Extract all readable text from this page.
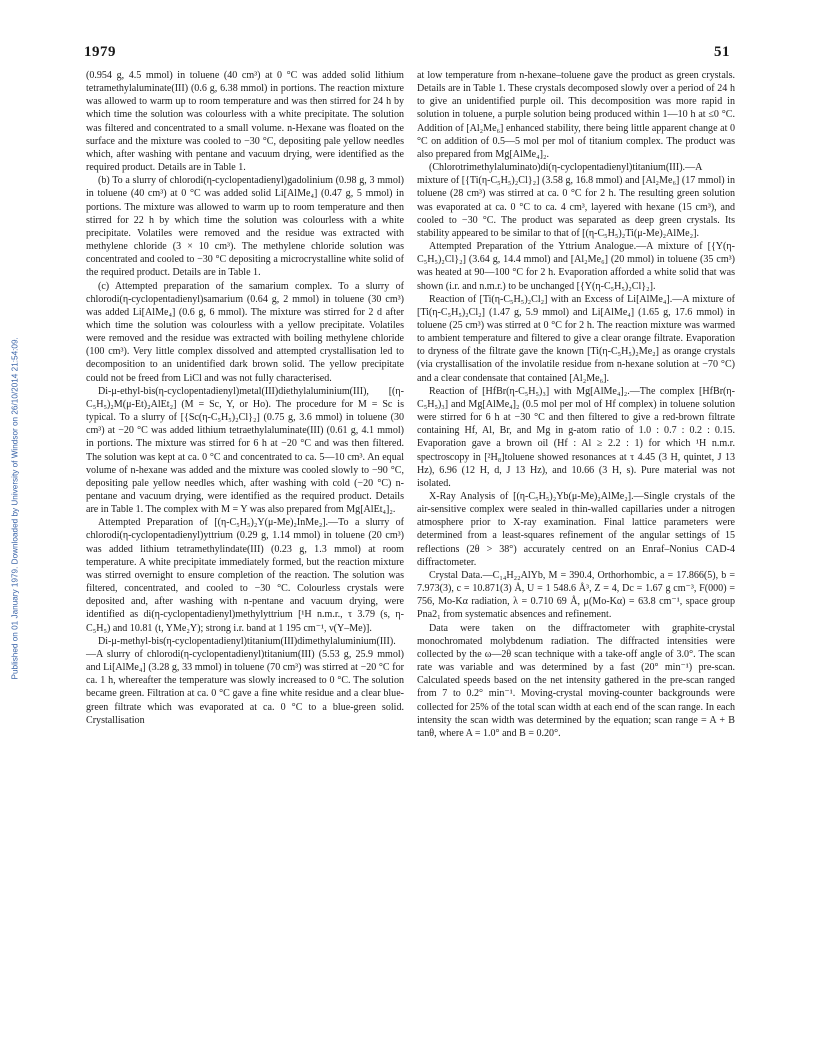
1979	51
Published on 01 January 1979. Downloaded by University of Windsor on 26/10/2014 21:54:09.

(0.954 g, 4.5 mmol) in toluene (40 cm³) at 0 °C was added solid lithium tetramethylaluminate(III) (0.6 g, 6.38 mmol) in portions. The reaction mixture was allowed to warm up to room temperature and was then stirred for 24 h by which time the solution was colourless with a white precipitate. The solution was filtered and concentrated to a small volume. n-Hexane was floated on the surface and the mixture was cooled to −30 °C, depositing pale yellow needles which, after washing with pentane and vacuum drying, were identified as the required product. Details are in Table 1.

(b) To a slurry of chlorodi(η-cyclopentadienyl)gadolinium (0.98 g, 3 mmol) in toluene (40 cm³) at 0 °C was added solid Li[AlMe₄] (0.47 g, 5 mmol) in portions. The mixture was allowed to warm up to room temperature and then stirred for 22 h by which time the solution was colourless with a white precipitate. Volatiles were removed and the residue was extracted with methylene chloride (3 × 10 cm³). The methylene chloride solution was concentrated and cooled to −30 °C depositing a microcrystalline white solid of the required product. Details are in Table 1.

(c) Attempted preparation of the samarium complex. To a slurry of chlorodi(η-cyclopentadienyl)samarium (0.64 g, 2 mmol) in toluene (30 cm³) was added Li[AlMe₄] (0.6 g, 6 mmol). The mixture was stirred for 2 d after which time the solution was colourless with a yellow precipitate. Volatiles were removed and the residue was extracted with boiling methylene chloride (100 cm³). Very little complex dissolved and attempted crystallisation led to decomposition to an unidentified dark brown solid. The yellow precipitate could not be freed from LiCl and was not fully characterised.

Di-μ-ethyl-bis(η-cyclopentadienyl)metal(III)diethylaluminium(III), [(η-C₅H₅)₂M(μ-Et)₂AlEt₂] (M = Sc, Y, or Ho). The procedure for M = Sc is typical. To a slurry of [{Sc(η-C₅H₅)₂Cl}₂] (0.75 g, 3.6 mmol) in toluene (30 cm³) at −20 °C was added lithium tetraethylaluminate(III) (0.61 g, 4.1 mmol) in portions. The mixture was stirred for 6 h at −20 °C and was then filtered. The solution was kept at ca. 0 °C and concentrated to ca. 5—10 cm³. An equal volume of n-hexane was added and the mixture was cooled slowly to −90 °C, depositing pale yellow needles which, after washing with cold (−20 °C) n-pentane and vacuum drying, were identified as the required product. Details are in Table 1. The complex with M = Y was also prepared from Mg[AlEt₄]₂.

Attempted Preparation of [(η-C₅H₅)₂Y(μ-Me)₂InMe₂].—To a slurry of chlorodi(η-cyclopentadienyl)yttrium (0.29 g, 1.14 mmol) in toluene (20 cm³) was added lithium tetramethylindate(III) (0.23 g, 1.3 mmol) at room temperature. A white precipitate immediately formed, but the reaction mixture was stirred overnight to ensure completion of the reaction. The solution was filtered, concentrated, and cooled to −30 °C. Colourless crystals were deposited and, after washing with n-pentane and vacuum drying, were identified as di(η-cyclopentadienyl)methylyttrium [¹H n.m.r., τ 3.79 (s, η-C₅H₅) and 10.81 (t, YMe₂Y); strong i.r. band at 1 195 cm⁻¹, ν(Y–Me)].

Di-μ-methyl-bis(η-cyclopentadienyl)titanium(III)dimethylaluminium(III).—A slurry of chlorodi(η-cyclopentadienyl)titanium(III) (5.53 g, 25.9 mmol) and Li[AlMe₄] (3.28 g, 33 mmol) in toluene (70 cm³) was stirred at −20 °C for ca. 1 h, whereafter the temperature was slowly increased to 0 °C. The solution became green. Filtration at ca. 0 °C gave a fine white residue and a clear blue-green filtrate which was evaporated at ca. 0 °C to a blue-green solid. Crystallisation

at low temperature from n-hexane–toluene gave the product as green crystals. Details are in Table 1. These crystals decomposed slowly over a period of 24 h to give an unidentified purple oil. This decomposition was more rapid in solution in toluene, a purple solution being produced within 1—10 h at ≤0 °C. Addition of [Al₂Me₆] enhanced stability, there being little apparent change at 0 °C on addition of 0.5—5 mol per mol of titanium complex. The product was also prepared from Mg[AlMe₄]₂.

(Chlorotrimethylaluminato)di(η-cyclopentadienyl)titanium(III).—A mixture of [{Ti(η-C₅H₅)₂Cl}₂] (3.58 g, 16.8 mmol) and [Al₂Me₆] (17 mmol) in toluene (28 cm³) was stirred at ca. 0 °C for 2 h. The resulting green solution was evaporated at ca. 0 °C to ca. 4 cm³, layered with hexane (15 cm³), and cooled to −30 °C. The product was separated as deep green crystals. Its stability appeared to be similar to that of [(η-C₅H₅)₂Ti(μ-Me)₂AlMe₂].

Attempted Preparation of the Yttrium Analogue.—A mixture of [{Y(η-C₅H₅)₂Cl}₂] (3.64 g, 14.4 mmol) and [Al₂Me₆] (20 mmol) in toluene (35 cm³) was heated at 90—100 °C for 2 h. Evaporation afforded a white solid that was shown (i.r. and n.m.r.) to be unchanged [{Y(η-C₅H₅)₂Cl}₂].

Reaction of [Ti(η-C₅H₅)₂Cl₂] with an Excess of Li[AlMe₄].—A mixture of [Ti(η-C₅H₅)₂Cl₂] (1.47 g, 5.9 mmol) and Li[AlMe₄] (1.65 g, 17.6 mmol) in toluene (25 cm³) was stirred at 0 °C for 2 h. The reaction mixture was warmed to ambient temperature and filtered to give a clear orange filtrate. Evaporation to dryness of the filtrate gave the known [Ti(η-C₅H₅)₂Me₂] as orange crystals (via crystallisation of the involatile residue from n-hexane solution at −70 °C) and a clear condensate that contained [Al₂Me₆].

Reaction of [HfBr(η-C₅H₅)₃] with Mg[AlMe₄]₂.—The complex [HfBr(η-C₅H₅)₃] and Mg[AlMe₄]₂ (0.5 mol per mol of Hf complex) in toluene solution were stirred for 6 h at −30 °C and then filtered to give a red-brown filtrate containing Hf, Al, Br, and Mg in g-atom ratio of 1.0 : 0.7 : 0.2 : 0.15. Evaporation gave a brown oil (Hf : Al ≥ 2.2 : 1) for which ¹H n.m.r. spectroscopy in [²H₈]toluene showed resonances at τ 4.45 (3 H, quintet, J 13 Hz), 6.96 (12 H, d, J 13 Hz), and 10.66 (3 H, s). Pure material was not isolated.

X-Ray Analysis of [(η-C₅H₅)₂Yb(μ-Me)₂AlMe₂].—Single crystals of the air-sensitive complex were sealed in thin-walled capillaries under a nitrogen atmosphere prior to X-ray examination. Final lattice parameters were determined from a least-squares refinement of the angular settings of 15 reflections (2θ > 38°) accurately centred on an Enraf–Nonius CAD-4 diffractometer.

Crystal Data.—C₁₄H₂₂AlYb, M = 390.4, Orthorhombic, a = 17.866(5), b = 7.973(3), c = 10.871(3) Å, U = 1 548.6 Å³, Z = 4, Dc = 1.67 g cm⁻³, F(000) = 756, Mo-Kα radiation, λ = 0.710 69 Å, μ(Mo-Kα) = 63.8 cm⁻¹, space group Pna2₁ from systematic absences and refinement.

Data were taken on the diffractometer with graphite-crystal monochromated molybdenum radiation. The diffracted intensities were collected by the ω—2θ scan technique with a take-off angle of 3.0°. The scan rate was variable and was determined by a fast (20° min⁻¹) pre-scan. Calculated speeds based on the net intensity gathered in the pre-scan ranged from 7 to 0.2° min⁻¹. Moving-crystal moving-counter backgrounds were collected for 25% of the total scan width at each end of the scan range. In each intensity the scan width was determined by the equation; scan range = A + B tanθ, where A = 1.0° and B = 0.20°.
